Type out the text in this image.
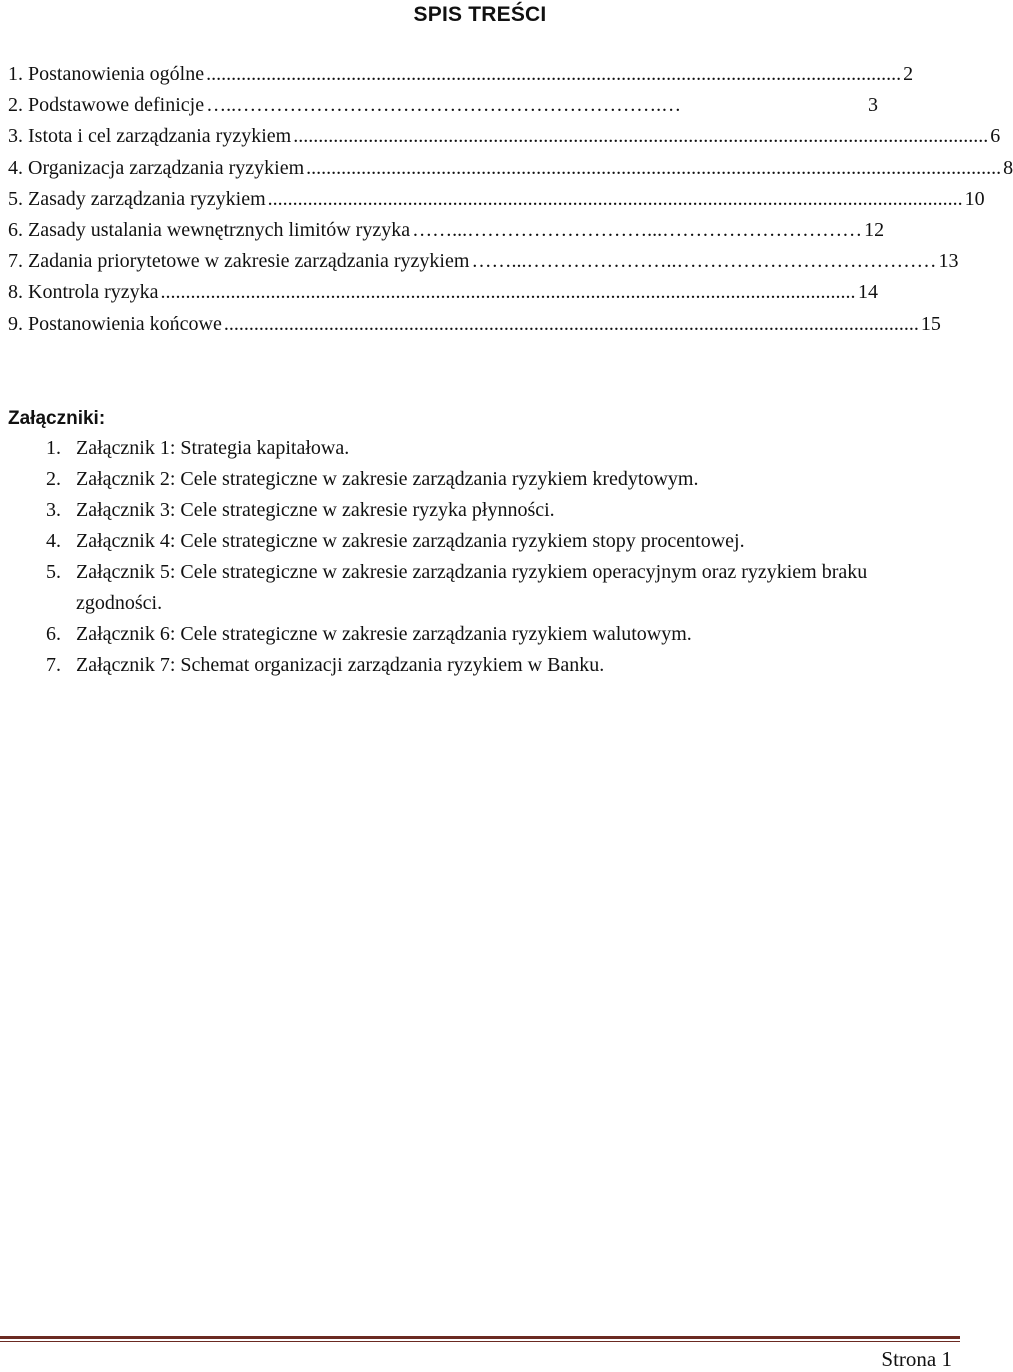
SPIS TREŚCI
1. Postanowienia ogólne ........................................................................................................................................... 2
2. Podstawowe definicje …..……………………………………………………….…	3
3. Istota i cel zarządzania ryzykiem ........................................................................................................................................... 6
4. Organizacja zarządzania ryzykiem ........................................................................................................................................... 8
5. Zasady zarządzania ryzykiem ........................................................................................................................................... 10
6. Zasady ustalania wewnętrznych limitów ryzyka ……...………………………...………………………… 12
7. Zadania priorytetowe w zakresie zarządzania ryzykiem ……...…………………..………………………………… 13
8. Kontrola ryzyka ........................................................................................................................................... 14
9. Postanowienia końcowe ........................................................................................................................................... 15
Załączniki:
1. Załącznik 1: Strategia kapitałowa.
2. Załącznik 2: Cele strategiczne w zakresie zarządzania ryzykiem kredytowym.
3. Załącznik 3: Cele strategiczne w zakresie ryzyka płynności.
4. Załącznik 4: Cele strategiczne w zakresie zarządzania ryzykiem stopy procentowej.
5. Załącznik 5: Cele strategiczne w zakresie zarządzania ryzykiem operacyjnym oraz ryzykiem braku zgodności.
6. Załącznik 6: Cele strategiczne w zakresie zarządzania ryzykiem walutowym.
7. Załącznik 7: Schemat organizacji zarządzania ryzykiem w Banku.
Strona 1
